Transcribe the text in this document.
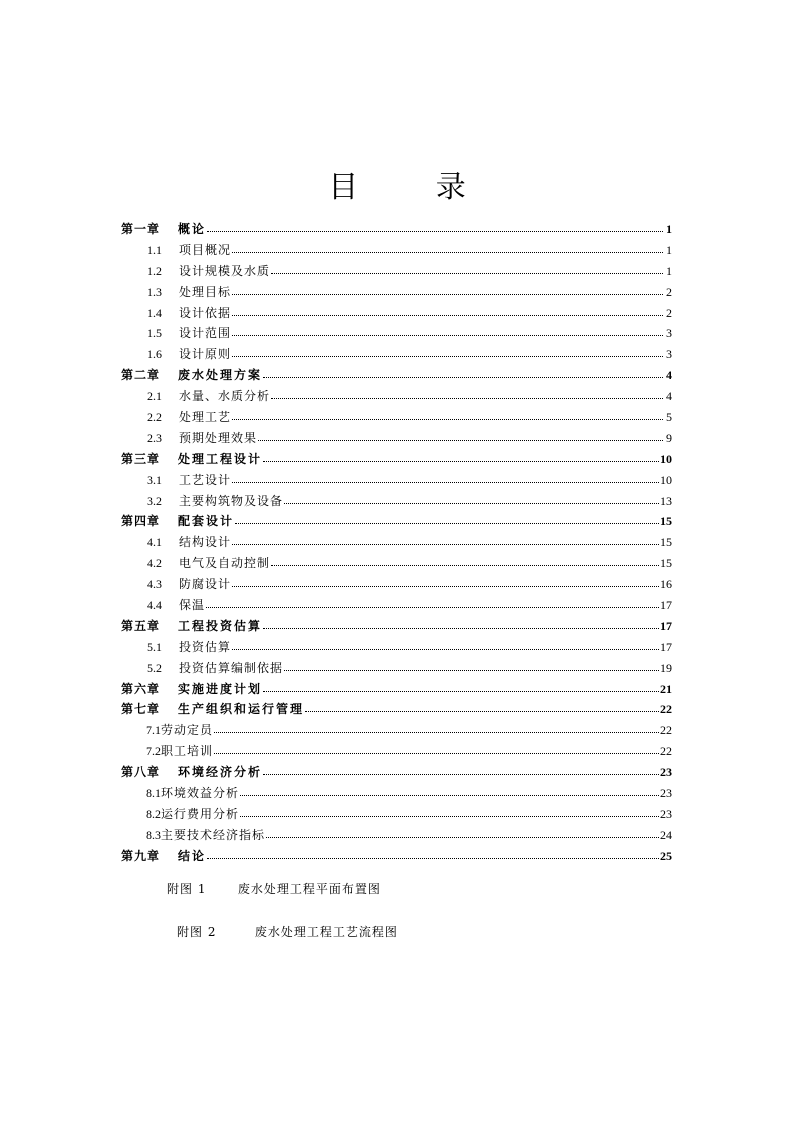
目 录
第一章	概论	1
1.1	项目概况	1
1.2	设计规模及水质	1
1.3	处理目标	2
1.4	设计依据	2
1.5	设计范围	3
1.6	设计原则	3
第二章	废水处理方案	4
2.1	水量、水质分析	4
2.2	处理工艺	5
2.3	预期处理效果	9
第三章	处理工程设计	10
3.1	工艺设计	10
3.2	主要构筑物及设备	13
第四章	配套设计	15
4.1	结构设计	15
4.2	电气及自动控制	15
4.3	防腐设计	16
4.4	保温	17
第五章	工程投资估算	17
5.1	投资估算	17
5.2	投资估算编制依据	19
第六章	实施进度计划	21
第七章	生产组织和运行管理	22
7.1 劳动定员	22
7.2 职工培训	22
第八章	环境经济分析	23
8.1 环境效益分析	23
8.2 运行费用分析	23
8.3 主要技术经济指标	24
第九章	结论	25
附图 1	废水处理工程平面布置图
附图 2	废水处理工程工艺流程图
